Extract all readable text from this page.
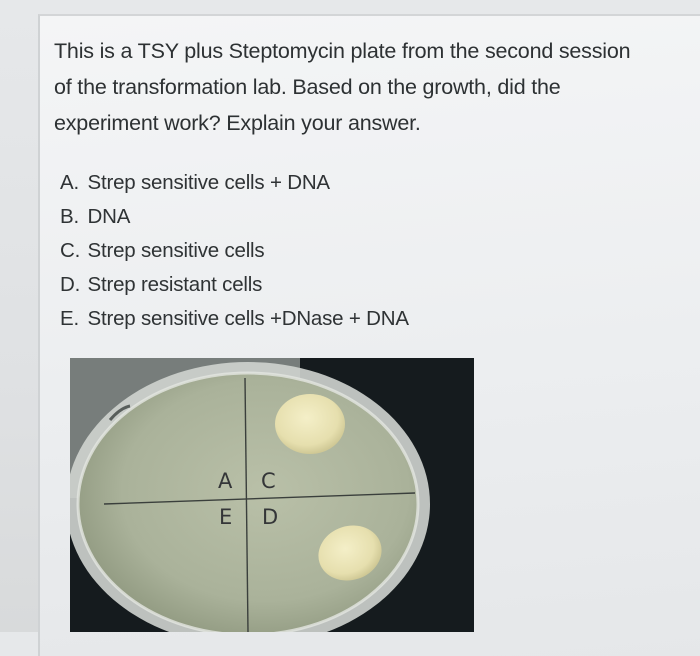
This is a TSY plus Steptomycin plate from the second session
of the transformation lab. Based on the growth, did the
experiment work? Explain your answer.

A. Strep sensitive cells + DNA
B. DNA
C. Strep sensitive cells
D. Strep resistant cells
E. Strep sensitive cells +DNase + DNA
A C
E D
